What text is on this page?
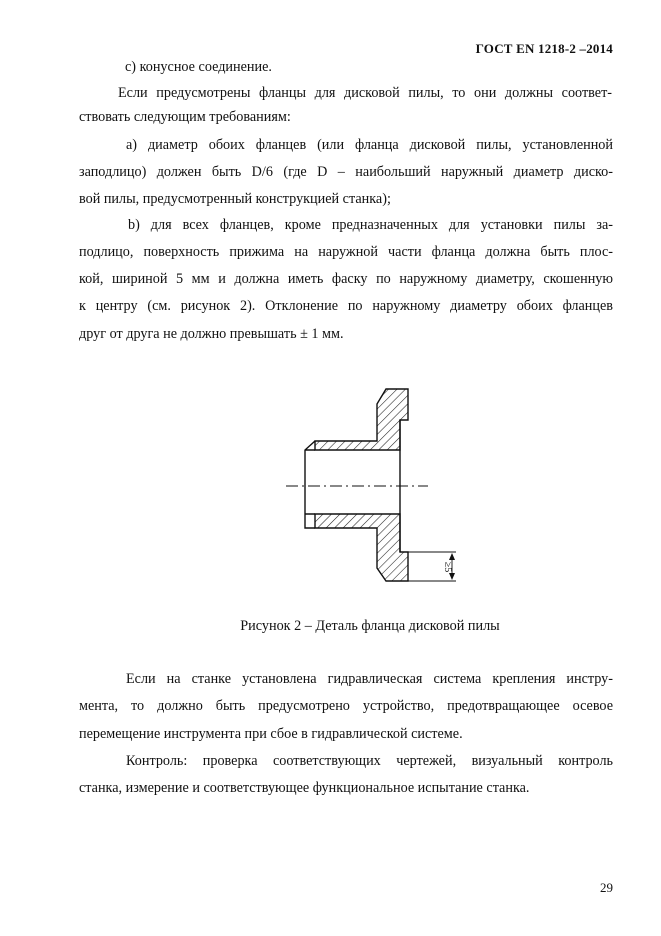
ГОСТ EN 1218-2 –2014
с) конусное соединение.
Если предусмотрены фланцы для дисковой пилы, то они должны соответ-
ствовать следующим требованиям:
а) диаметр обоих фланцев (или фланца дисковой пилы, установленной
заподлицо) должен быть D/6 (где D – наибольший наружный диаметр диско-
вой пилы, предусмотренный конструкцией станка);
b) для всех фланцев, кроме предназначенных для установки пилы за-
подлицо, поверхность прижима на наружной части фланца должна быть плос-
кой, шириной 5 мм и должна иметь фаску по наружному диаметру, скошенную
к центру (см. рисунок 2). Отклонение по наружному диаметру обоих фланцев
друг от друга не должно превышать ± 1 мм.
≥5
Рисунок 2 – Деталь фланца дисковой пилы
Если на станке установлена гидравлическая система крепления инстру-
мента, то должно быть предусмотрено устройство, предотвращающее осевое
перемещение инструмента при сбое в гидравлической системе.
Контроль: проверка соответствующих чертежей, визуальный контроль
станка, измерение и соответствующее функциональное испытание станка.
29
